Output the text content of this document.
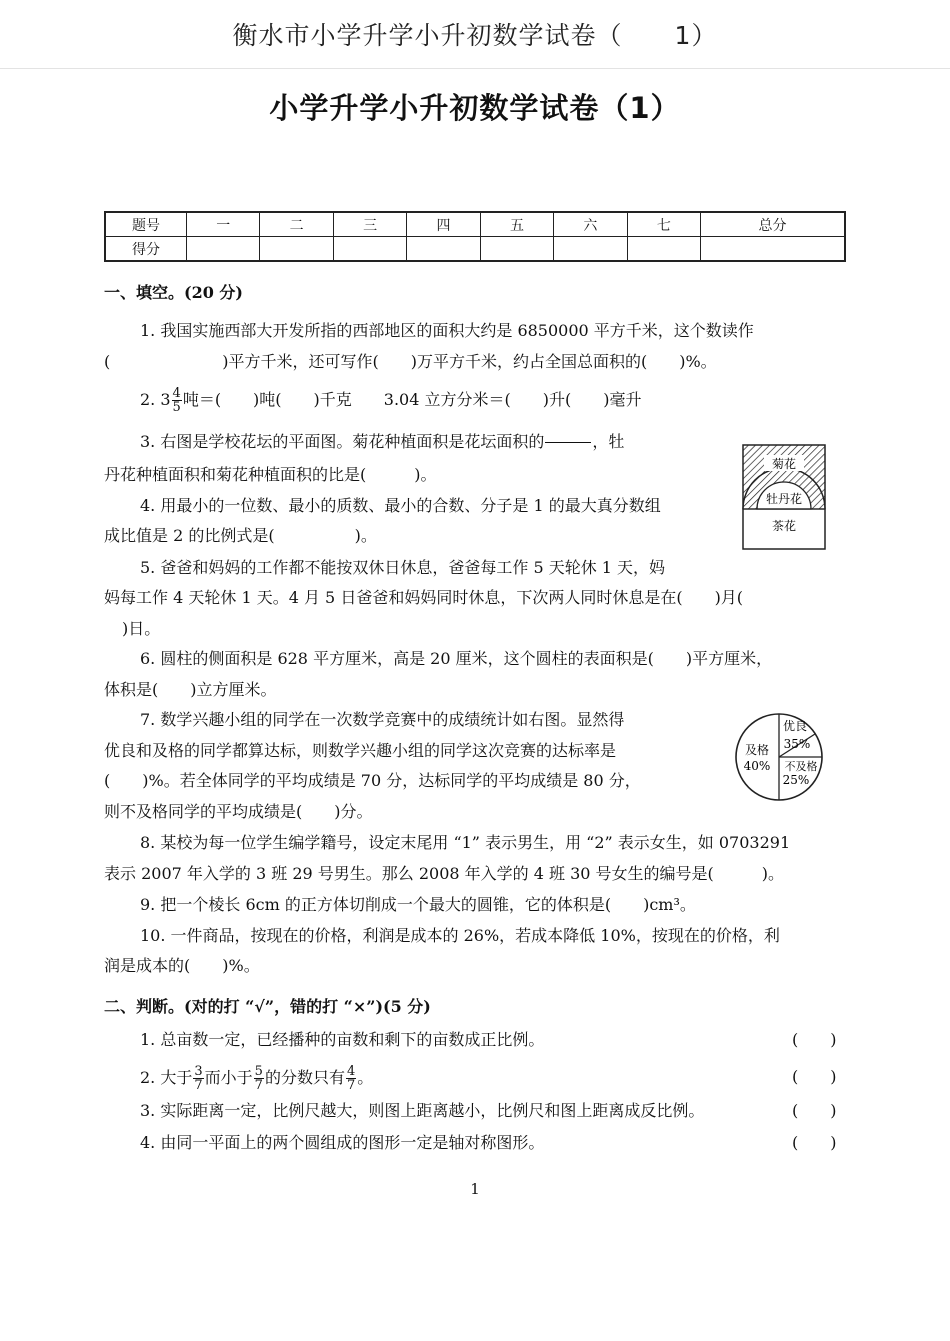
衡水市小学升学小升初数学试卷（　　1）
小学升学小升初数学试卷（1）
题号	一	二	三	四	五	六	七	总分
得分								
一、填空。(20 分)
1. 我国实施西部大开发所指的西部地区的面积大约是 6850000 平方千米，这个数读作
(　　　　　　　)平方千米，还可写作(　　)万平方千米，约占全国总面积的(　　)%。
2. $3 \frac{4}{5}$ 吨＝(　　)吨(　　)千克　　3.04 立方分米＝(　　)升(　　)毫升
3. 右图是学校花坛的平面图。菊花种植面积是花坛面积的	，牡
丹花种植面积和菊花种植面积的比是(　　　)。
4. 用最小的一位数、最小的质数、最小的合数、分子是 1 的最大真分数组
成比值是 2 的比例式是(　　　　　)。
5. 爸爸和妈妈的工作都不能按双休日休息，爸爸每工作 5 天轮休 1 天，妈
妈每工作 4 天轮休 1 天。4 月 5 日爸爸和妈妈同时休息，下次两人同时休息是在(　　)月(
)日。
6. 圆柱的侧面积是 628 平方厘米，高是 20 厘米，这个圆柱的表面积是(　　)平方厘米，
体积是(　　)立方厘米。
7. 数学兴趣小组的同学在一次数学竞赛中的成绩统计如右图。显然得
优良和及格的同学都算达标，则数学兴趣小组的同学这次竞赛的达标率是
(　　)%。若全体同学的平均成绩是 70 分，达标同学的平均成绩是 80 分，
则不及格同学的平均成绩是(　　)分。
8. 某校为每一位学生编学籍号，设定末尾用 “1” 表示男生，用 “2” 表示女生，如 0703291
表示 2007 年入学的 3 班 29 号男生。那么 2008 年入学的 4 班 30 号女生的编号是(　　　)。
9. 把一个棱长 6cm 的正方体切削成一个最大的圆锥，它的体积是(　　)cm³。
10. 一件商品，按现在的价格，利润是成本的 26%，若成本降低 10%，按现在的价格，利
润是成本的(　　)%。
菊花
牡丹花
茶花
优良
35%
及格
40% 不及格
25%
二、判断。(对的打 “√”，错的打 “×”)(5 分)
1. 总亩数一定，已经播种的亩数和剩下的亩数成正比例。	(　　)
2. 大于 $\frac{3}{7}$ 而小于 $\frac{5}{7}$ 的分数只有 $\frac{4}{7}$ 。	(　　)
3. 实际距离一定，比例尺越大，则图上距离越小，比例尺和图上距离成反比例。	(　　)
4. 由同一平面上的两个圆组成的图形一定是轴对称图形。	(　　)
1
